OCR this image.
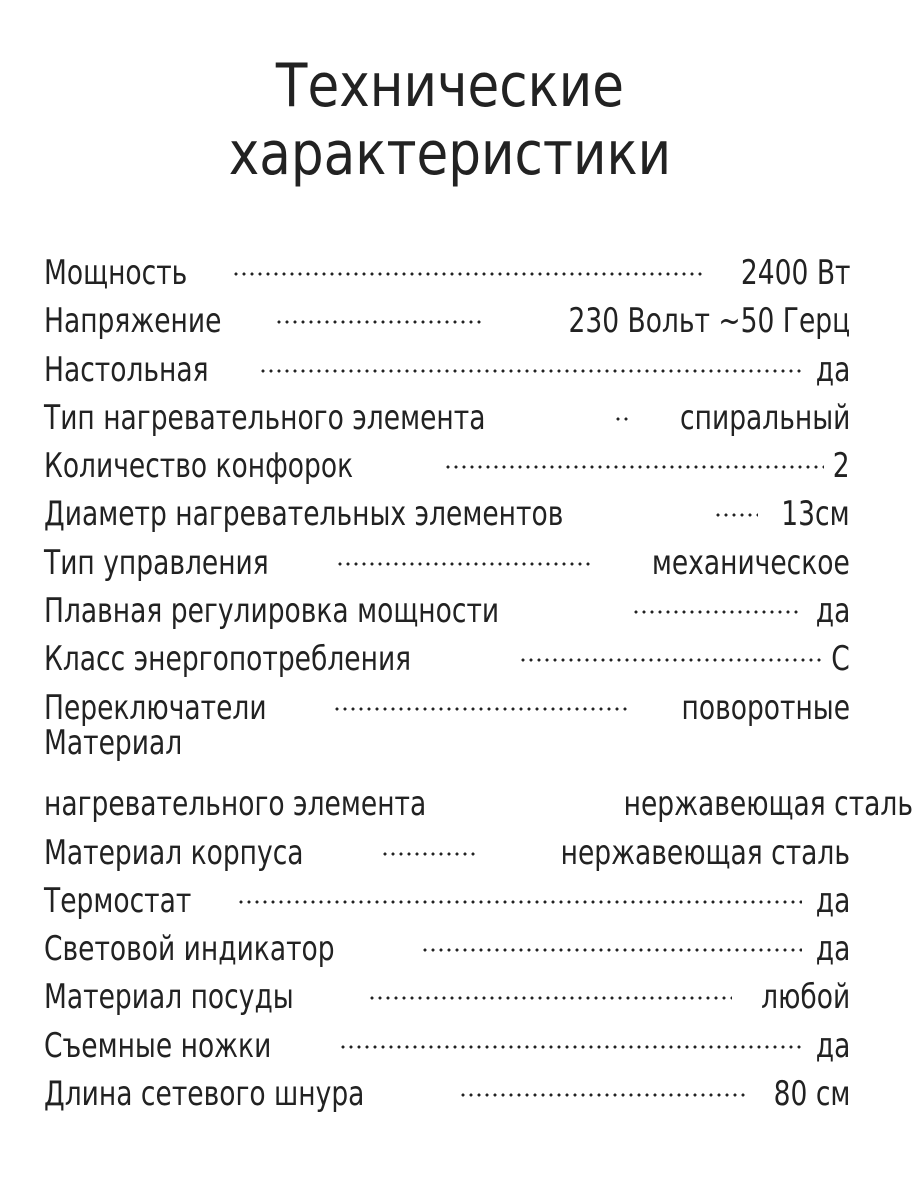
Технические
характеристики
Мощность	2400 Вт
Напряжение	230 Вольт ~50 Герц
Настольная	да
Тип нагревательного элемента	спиральный
Количество конфорок	2
Диаметр нагревательных элементов	13см
Тип управления	механическое
Плавная регулировка мощности	да
Класс энергопотребления	С
Переключатели	поворотные
Материал
нагревательного элемента	нержавеющая сталь
Материал корпуса	нержавеющая сталь
Термостат	да
Световой индикатор	да
Материал посуды	любой
Съемные ножки	да
Длина сетевого шнура	80 см
